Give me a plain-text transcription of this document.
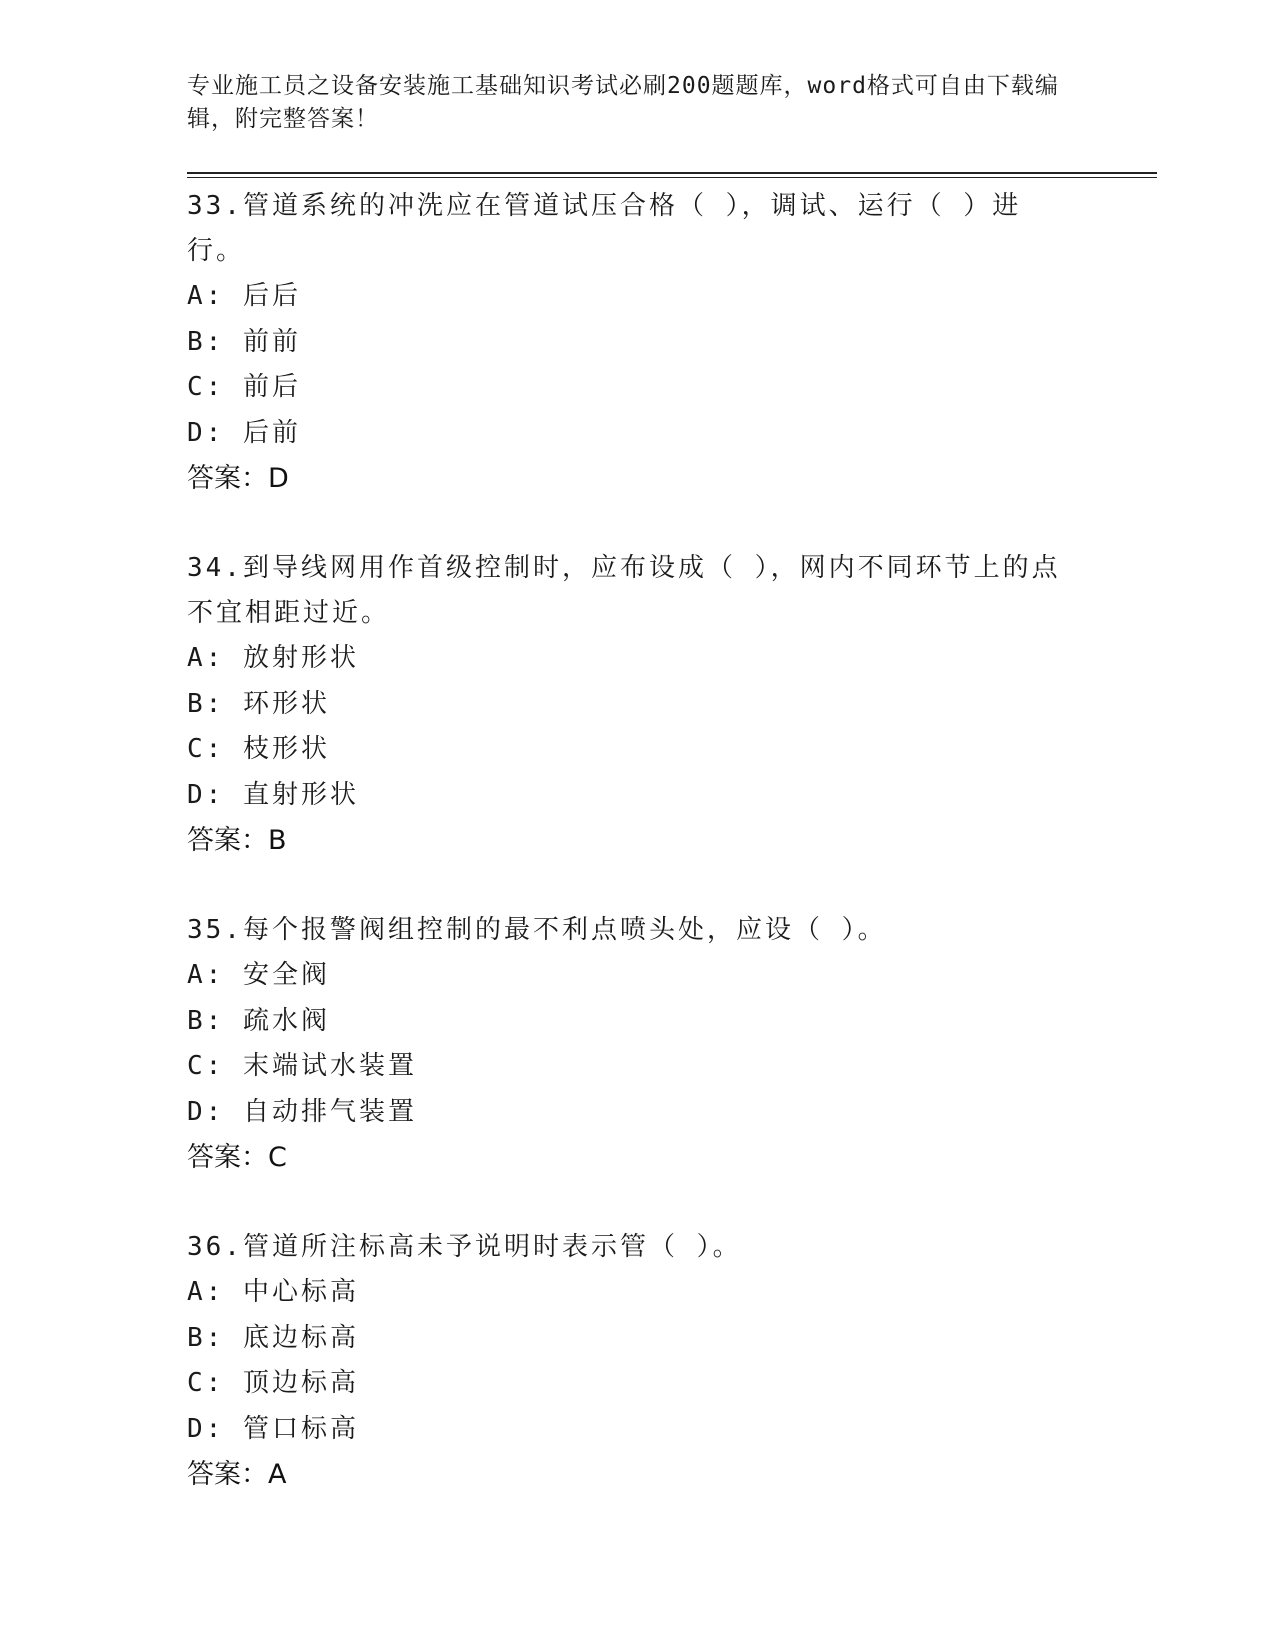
专业施工员之设备安装施工基础知识考试必刷200题题库，word格式可自由下载编辑，附完整答案！
33.管道系统的冲洗应在管道试压合格（ ），调试、运行（ ）进行。
A: 后后
B: 前前
C: 前后
D: 后前
答案：D
34.到导线网用作首级控制时，应布设成（ ），网内不同环节上的点不宜相距过近。
A: 放射形状
B: 环形状
C: 枝形状
D: 直射形状
答案：B
35.每个报警阀组控制的最不利点喷头处，应设（ ）。
A: 安全阀
B: 疏水阀
C: 末端试水装置
D: 自动排气装置
答案：C
36.管道所注标高未予说明时表示管（ ）。
A: 中心标高
B: 底边标高
C: 顶边标高
D: 管口标高
答案：A
